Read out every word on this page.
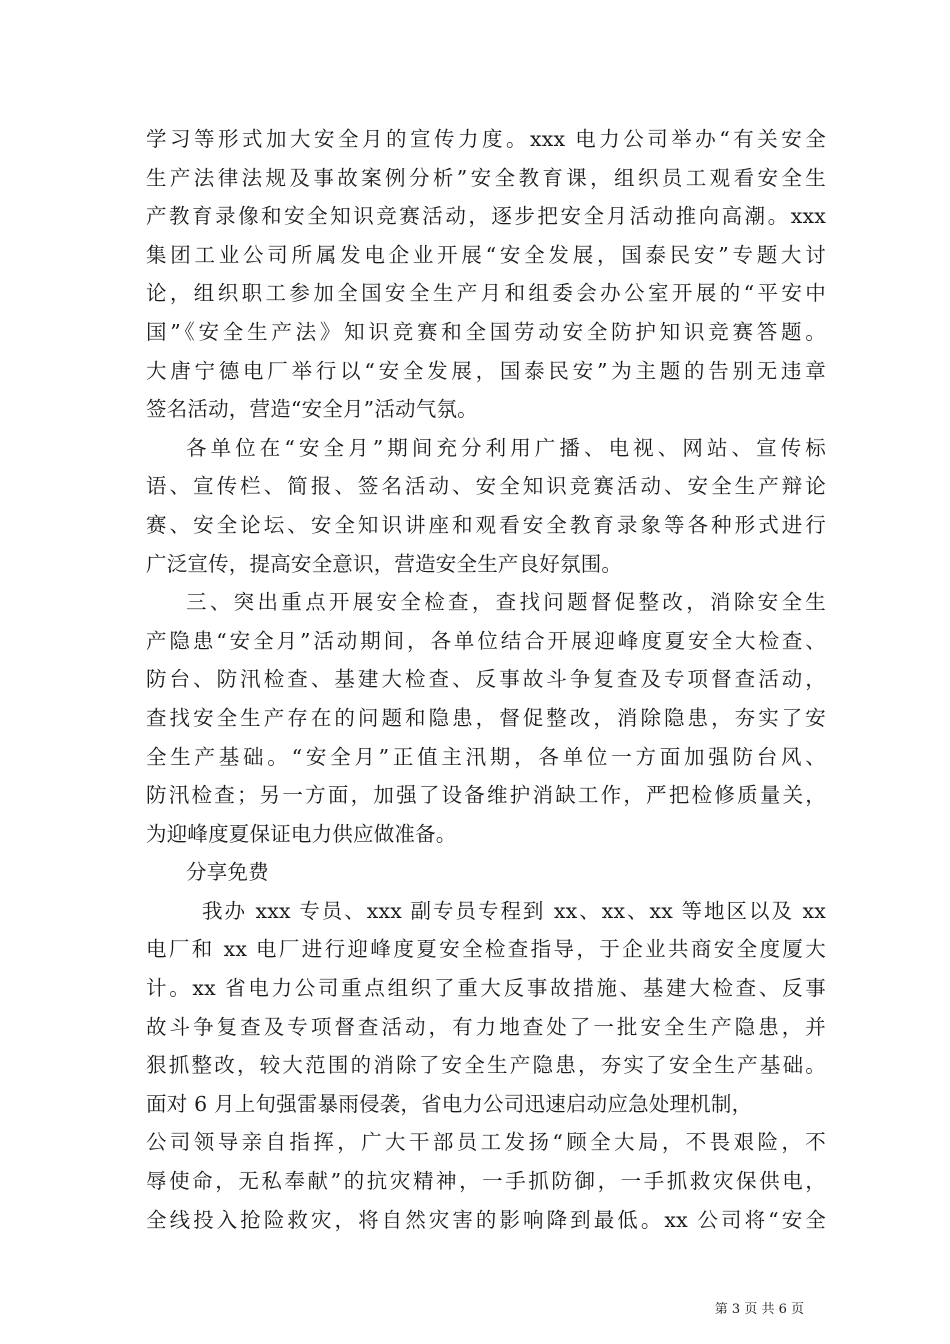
学习等形式加大安全月的宣传力度。xxx 电力公司举办“有关安全
生产法律法规及事故案例分析”安全教育课，组织员工观看安全生
产教育录像和安全知识竞赛活动，逐步把安全月活动推向高潮。xxx
集团工业公司所属发电企业开展“安全发展，国泰民安”专题大讨
论，组织职工参加全国安全生产月和组委会办公室开展的“平安中
国”《安全生产法》知识竞赛和全国劳动安全防护知识竞赛答题。
大唐宁德电厂举行以“安全发展，国泰民安”为主题的告别无违章
签名活动，营造“安全月”活动气氛。
各单位在“安全月”期间充分利用广播、电视、网站、宣传标
语、宣传栏、简报、签名活动、安全知识竞赛活动、安全生产辩论
赛、安全论坛、安全知识讲座和观看安全教育录象等各种形式进行
广泛宣传，提高安全意识，营造安全生产良好氛围。
三、突出重点开展安全检查，查找问题督促整改，消除安全生
产隐患“安全月”活动期间，各单位结合开展迎峰度夏安全大检查、
防台、防汛检查、基建大检查、反事故斗争复查及专项督查活动，
查找安全生产存在的问题和隐患，督促整改，消除隐患，夯实了安
全生产基础。“安全月”正值主汛期，各单位一方面加强防台风、
防汛检查；另一方面，加强了设备维护消缺工作，严把检修质量关，
为迎峰度夏保证电力供应做准备。
分享免费
我办 xxx 专员、xxx 副专员专程到 xx、xx、xx 等地区以及 xx
电厂和 xx 电厂进行迎峰度夏安全检查指导，于企业共商安全度厦大
计。xx 省电力公司重点组织了重大反事故措施、基建大检查、反事
故斗争复查及专项督查活动，有力地查处了一批安全生产隐患，并
狠抓整改，较大范围的消除了安全生产隐患，夯实了安全生产基础。
面对 6 月上旬强雷暴雨侵袭，省电力公司迅速启动应急处理机制，
公司领导亲自指挥，广大干部员工发扬“顾全大局，不畏艰险，不
辱使命，无私奉献”的抗灾精神，一手抓防御，一手抓救灾保供电，
全线投入抢险救灾，将自然灾害的影响降到最低。xx 公司将“安全
第 3 页 共 6 页
